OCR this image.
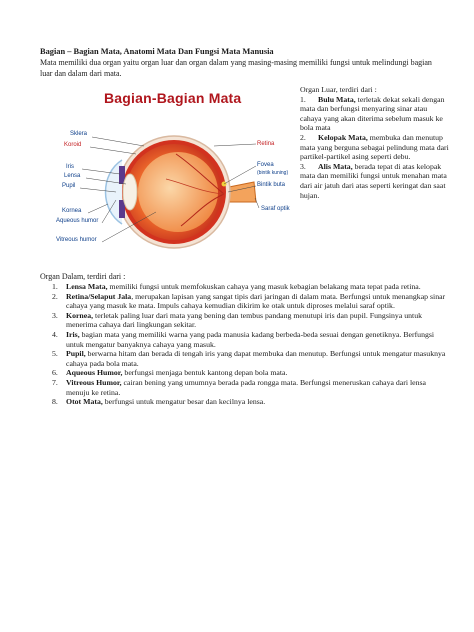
Bagian – Bagian Mata, Anatomi Mata Dan Fungsi Mata Manusia
Mata memiliki dua organ yaitu organ luar dan organ dalam yang masing-masing memiliki fungsi untuk melindungi bagian luar dan dalam dari mata.
Bagian-Bagian Mata
Sklera
Koroid
Iris
Lensa
Pupil
Kornea
Aqueous humor
Vitreous humor
Retina
Fovea
(bintik kuning)
Bintik buta
Saraf optik
Organ Luar, terdiri dari :
1. Bulu Mata, terletak dekat sekali dengan mata dan berfungsi menyaring sinar atau cahaya yang akan diterima sebelum masuk ke bola mata
2. Kelopak Mata, membuka dan menutup mata yang berguna sebagai pelindung mata dari partikel-partikel asing seperti debu.
3. Alis Mata, berada tepat di atas kelopak mata dan memiliki fungsi untuk menahan mata dari air jatuh dari atas seperti keringat dan saat hujan.
Organ Dalam, terdiri dari :
1. Lensa Mata, memiliki fungsi untuk memfokuskan cahaya yang masuk kebagian belakang mata tepat pada retina.
2. Retina/Selaput Jala, merupakan lapisan yang sangat tipis dari jaringan di dalam mata. Berfungsi untuk menangkap sinar cahaya yang masuk ke mata. Impuls cahaya kemudian dikirim ke otak untuk diproses melalui saraf optik.
3. Kornea, terletak paling luar dari mata yang bening dan tembus pandang menutupi iris dan pupil. Fungsinya untuk menerima cahaya dari lingkungan sekitar.
4. Iris, bagian mata yang memiliki warna yang pada manusia kadang berbeda-beda sesuai dengan genetiknya. Berfungsi untuk mengatur banyaknya cahaya yang masuk.
5. Pupil, berwarna hitam dan berada di tengah iris yang dapat membuka dan menutup. Berfungsi untuk mengatur masuknya cahaya pada bola mata.
6. Aqueous Humor, berfungsi menjaga bentuk kantong depan bola mata.
7. Vitreous Humor, cairan bening yang umumnya berada pada rongga mata. Berfungsi meneruskan cahaya dari lensa menuju ke retina.
8. Otot Mata, berfungsi untuk mengatur besar dan kecilnya lensa.
